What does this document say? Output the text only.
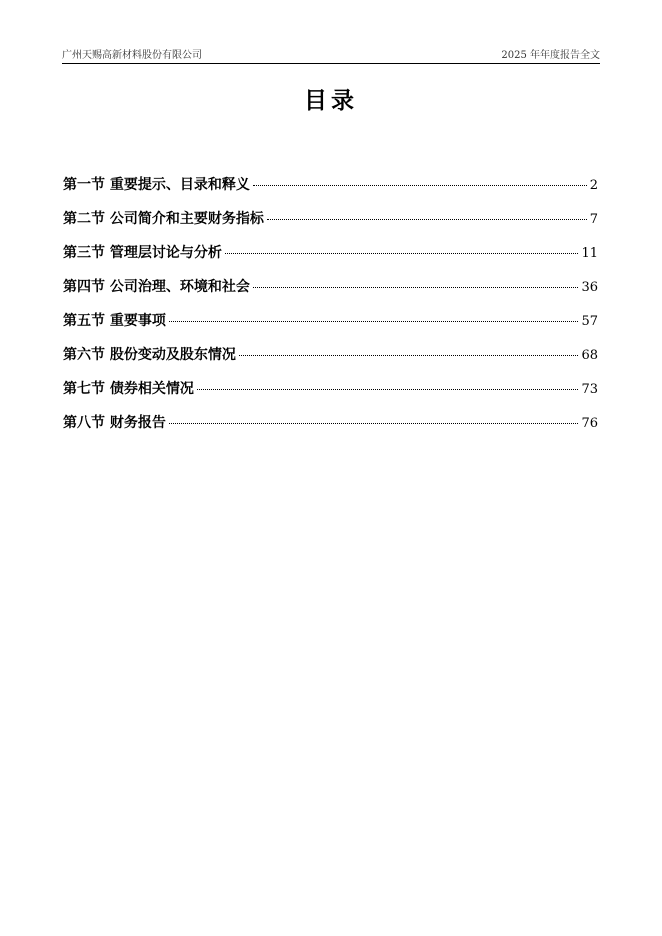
广州天赐高新材料股份有限公司	2025 年年度报告全文
目录
第一节 重要提示、目录和释义	2
第二节 公司简介和主要财务指标	7
第三节 管理层讨论与分析	11
第四节 公司治理、环境和社会	36
第五节 重要事项	57
第六节 股份变动及股东情况	68
第七节 债券相关情况	73
第八节 财务报告	76
